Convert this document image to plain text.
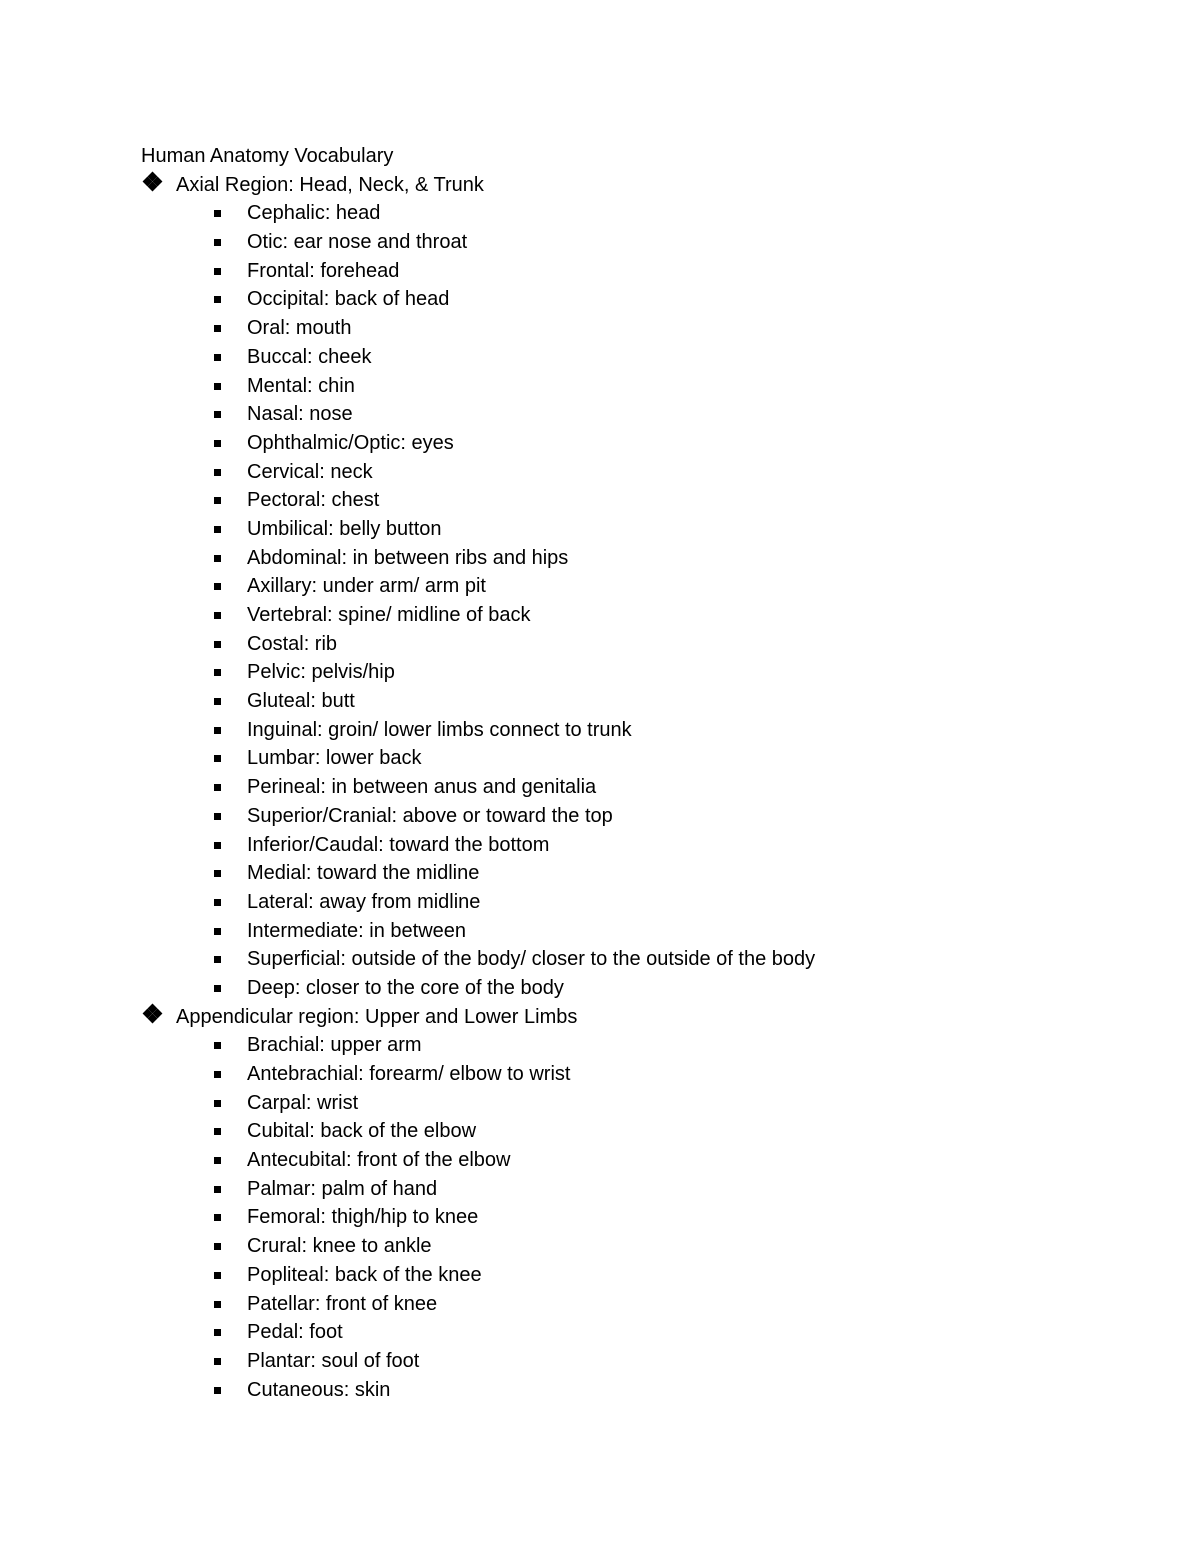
Human Anatomy Vocabulary
Axial Region: Head, Neck, & Trunk
Cephalic: head
Otic: ear nose and throat
Frontal: forehead
Occipital: back of head
Oral: mouth
Buccal: cheek
Mental: chin
Nasal: nose
Ophthalmic/Optic: eyes
Cervical: neck
Pectoral: chest
Umbilical: belly button
Abdominal: in between ribs and hips
Axillary: under arm/ arm pit
Vertebral: spine/ midline of back
Costal: rib
Pelvic: pelvis/hip
Gluteal: butt
Inguinal: groin/ lower limbs connect to trunk
Lumbar: lower back
Perineal: in between anus and genitalia
Superior/Cranial: above or toward the top
Inferior/Caudal: toward the bottom
Medial: toward the midline
Lateral: away from midline
Intermediate: in between
Superficial: outside of the body/ closer to the outside of the body
Deep: closer to the core of the body
Appendicular region: Upper and Lower Limbs
Brachial: upper arm
Antebrachial: forearm/ elbow to wrist
Carpal: wrist
Cubital: back of the elbow
Antecubital: front of the elbow
Palmar: palm of hand
Femoral: thigh/hip to knee
Crural: knee to ankle
Popliteal: back of the knee
Patellar: front of knee
Pedal: foot
Plantar: soul of foot
Cutaneous: skin
